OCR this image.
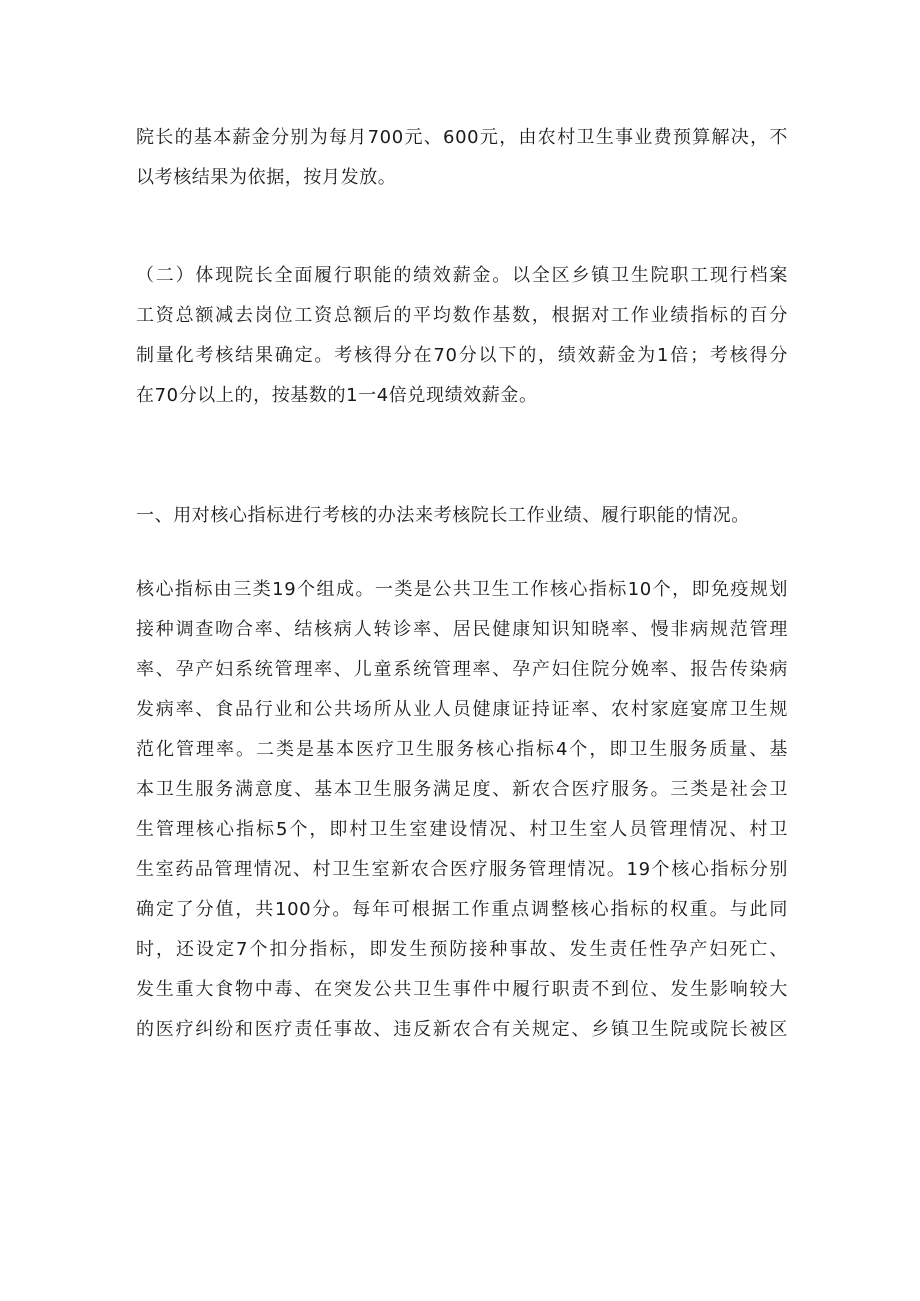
院长的基本薪金分别为每月700元、600元，由农村卫生事业费预算解决，不
以考核结果为依据，按月发放。

（二）体现院长全面履行职能的绩效薪金。以全区乡镇卫生院职工现行档案
工资总额减去岗位工资总额后的平均数作基数，根据对工作业绩指标的百分
制量化考核结果确定。考核得分在70分以下的，绩效薪金为1倍；考核得分
在70分以上的，按基数的1一4倍兑现绩效薪金。

一、用对核心指标进行考核的办法来考核院长工作业绩、履行职能的情况。

核心指标由三类19个组成。一类是公共卫生工作核心指标10个，即免疫规划
接种调查吻合率、结核病人转诊率、居民健康知识知晓率、慢非病规范管理
率、孕产妇系统管理率、儿童系统管理率、孕产妇住院分娩率、报告传染病
发病率、食品行业和公共场所从业人员健康证持证率、农村家庭宴席卫生规
范化管理率。二类是基本医疗卫生服务核心指标4个，即卫生服务质量、基
本卫生服务满意度、基本卫生服务满足度、新农合医疗服务。三类是社会卫
生管理核心指标5个，即村卫生室建设情况、村卫生室人员管理情况、村卫
生室药品管理情况、村卫生室新农合医疗服务管理情况。19个核心指标分别
确定了分值，共100分。每年可根据工作重点调整核心指标的权重。与此同
时，还设定7个扣分指标，即发生预防接种事故、发生责任性孕产妇死亡、
发生重大食物中毒、在突发公共卫生事件中履行职责不到位、发生影响较大
的医疗纠纷和医疗责任事故、违反新农合有关规定、乡镇卫生院或院长被区
